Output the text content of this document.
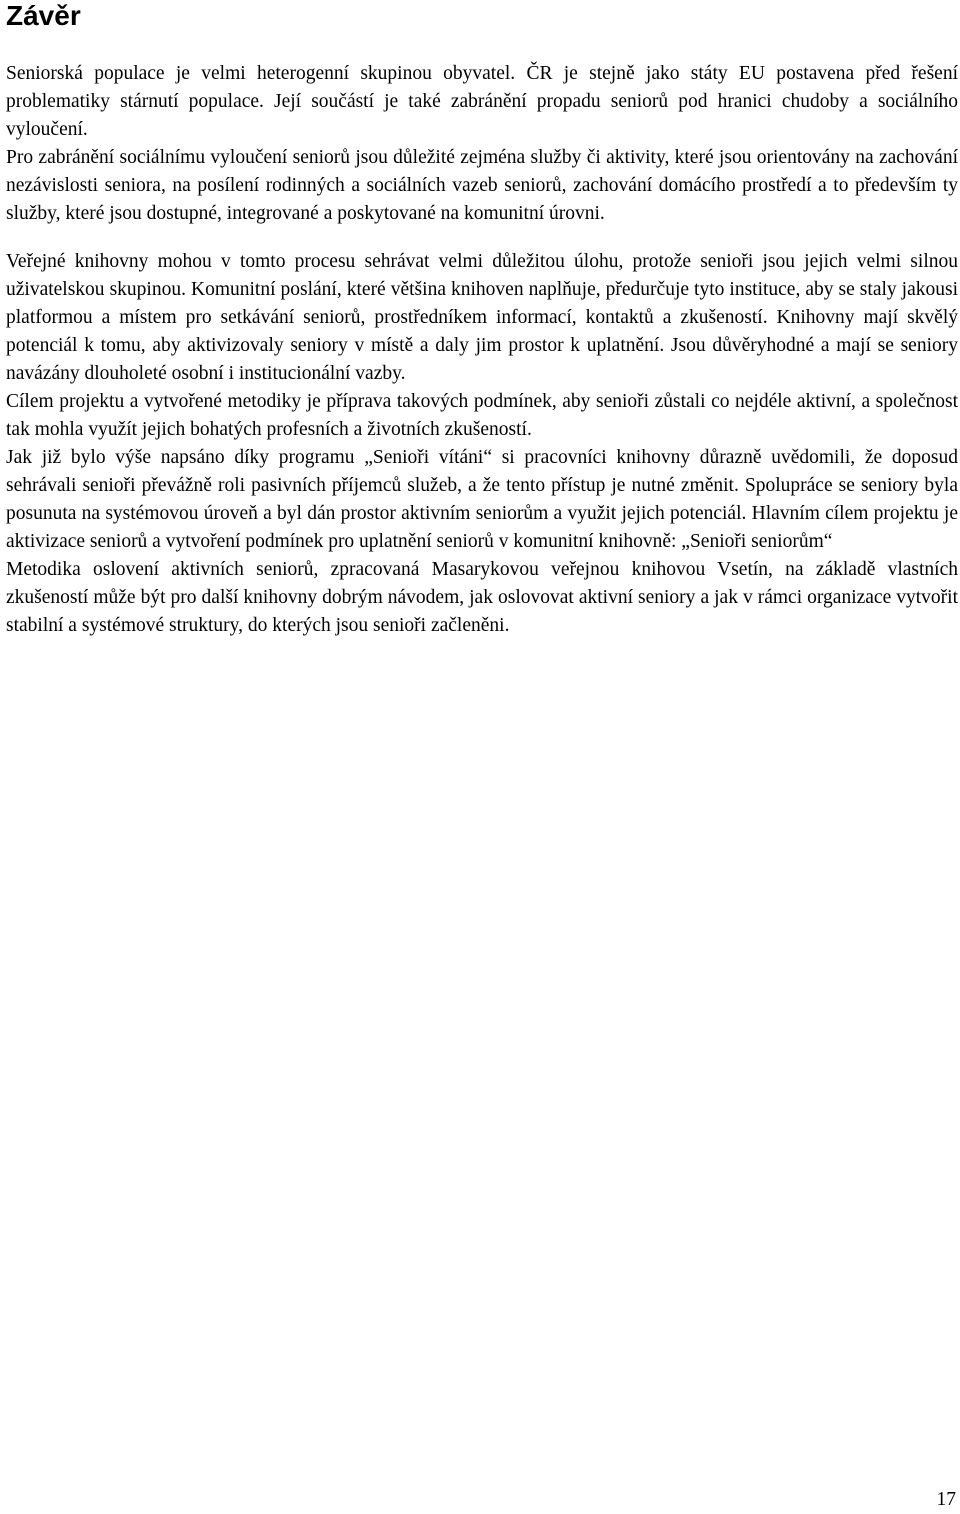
Závěr

Seniorská populace je velmi heterogenní skupinou obyvatel. ČR je stejně jako státy EU postavena před řešení problematiky stárnutí populace. Její součástí je také zabránění propadu seniorů pod hranici chudoby a sociálního vyloučení.

Pro zabránění sociálnímu vyloučení seniorů jsou důležité zejména služby či aktivity, které jsou orientovány na zachování nezávislosti seniora, na posílení rodinných a sociálních vazeb seniorů, zachování domácího prostředí a to především ty služby, které jsou dostupné, integrované a poskytované na komunitní úrovni.

Veřejné knihovny mohou v tomto procesu sehrávat velmi důležitou úlohu, protože senioři jsou jejich velmi silnou uživatelskou skupinou. Komunitní poslání, které většina knihoven naplňuje, předurčuje tyto instituce, aby se staly jakousi platformou a místem pro setkávání seniorů, prostředníkem informací, kontaktů a zkušeností. Knihovny mají skvělý potenciál k tomu, aby aktivizovaly seniory v místě a daly jim prostor k uplatnění. Jsou důvěryhodné a mají se seniory navázány dlouholeté osobní i institucionální vazby.

Cílem projektu a vytvořené metodiky je příprava takových podmínek, aby senioři zůstali co nejdéle aktivní, a společnost tak mohla využít jejich bohatých profesních a životních zkušeností.

Jak již bylo výše napsáno díky programu „Senioři vítáni“ si pracovníci knihovny důrazně uvědomili, že doposud sehrávali senioři převážně roli pasivních příjemců služeb, a že tento přístup je nutné změnit. Spolupráce se seniory byla posunuta na systémovou úroveň a byl dán prostor aktivním seniorům a využit jejich potenciál. Hlavním cílem projektu je aktivizace seniorů a vytvoření podmínek pro uplatnění seniorů v komunitní knihovně: „Senioři seniorům“

Metodika oslovení aktivních seniorů, zpracovaná Masarykovou veřejnou knihovou Vsetín, na základě vlastních zkušeností může být pro další knihovny dobrým návodem, jak oslovovat aktivní seniory a jak v rámci organizace vytvořit stabilní a systémové struktury, do kterých jsou senioři začleněni.

17
